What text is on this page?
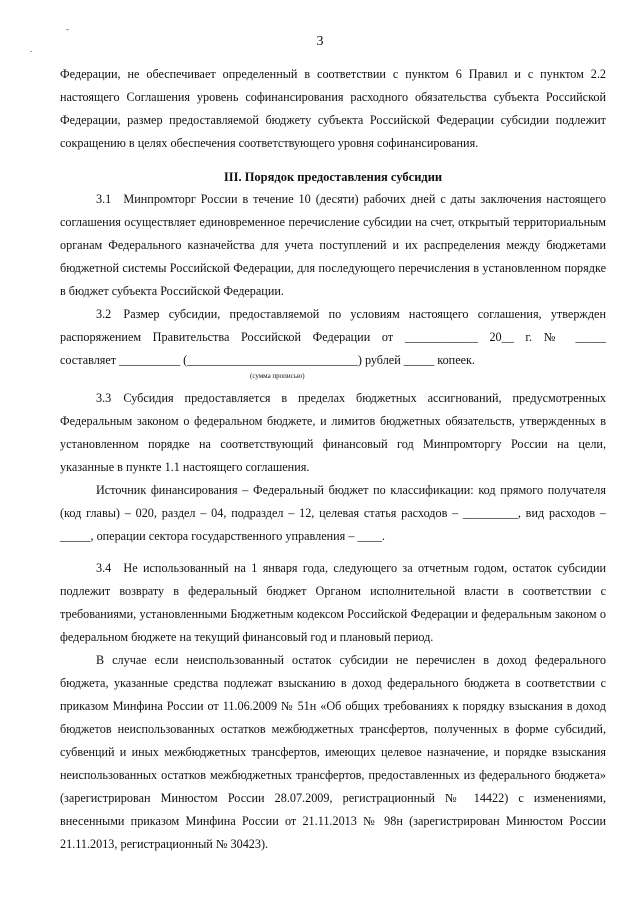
-
.	3

Федерации, не обеспечивает определенный в соответствии с пунктом 6 Правил и с пунктом 2.2 настоящего Соглашения уровень софинансирования расходного обязательства субъекта Российской Федерации, размер предоставляемой бюджету субъекта Российской Федерации субсидии подлежит сокращению в целях обеспечения соответствующего уровня софинансирования.

III. Порядок предоставления субсидии

3.1 Минпромторг России в течение 10 (десяти) рабочих дней с даты заключения настоящего соглашения осуществляет единовременное перечисление субсидии на счет, открытый территориальным органам Федерального казначейства для учета поступлений и их распределения между бюджетами бюджетной системы Российской Федерации, для последующего перечисления в установленном порядке в бюджет субъекта Российской Федерации.

3.2 Размер субсидии, предоставляемой по условиям настоящего соглашения, утвержден распоряжением Правительства Российской Федерации от ____________ 20__ г. № _____

составляет __________ (____________________________) рублей _____ копеек.

(сумма прописью)

3.3 Субсидия предоставляется в пределах бюджетных ассигнований, предусмотренных Федеральным законом о федеральном бюджете, и лимитов бюджетных обязательств, утвержденных в установленном порядке на соответствующий финансовый год Минпромторгу России на цели, указанные в пункте 1.1 настоящего соглашения.

Источник финансирования – Федеральный бюджет по классификации: код прямого получателя (код главы) – 020, раздел – 04, подраздел – 12, целевая статья расходов – _________, вид расходов – _____, операции сектора государственного управления – ____.

3.4 Не использованный на 1 января года, следующего за отчетным годом, остаток субсидии подлежит возврату в федеральный бюджет Органом исполнительной власти в соответствии с требованиями, установленными Бюджетным кодексом Российской Федерации и федеральным законом о федеральном бюджете на текущий финансовый год и плановый период.

В случае если неиспользованный остаток субсидии не перечислен в доход федерального бюджета, указанные средства подлежат взысканию в доход федерального бюджета в соответствии с приказом Минфина России от 11.06.2009 № 51н «Об общих требованиях к порядку взыскания в доход бюджетов неиспользованных остатков межбюджетных трансфертов, полученных в форме субсидий, субвенций и иных межбюджетных трансфертов, имеющих целевое назначение, и порядке взыскания неиспользованных остатков межбюджетных трансфертов, предоставленных из федерального бюджета» (зарегистрирован Минюстом России 28.07.2009, регистрационный № 14422) с изменениями, внесенными приказом Минфина России от 21.11.2013 № 98н (зарегистрирован Минюстом России 21.11.2013, регистрационный № 30423).
